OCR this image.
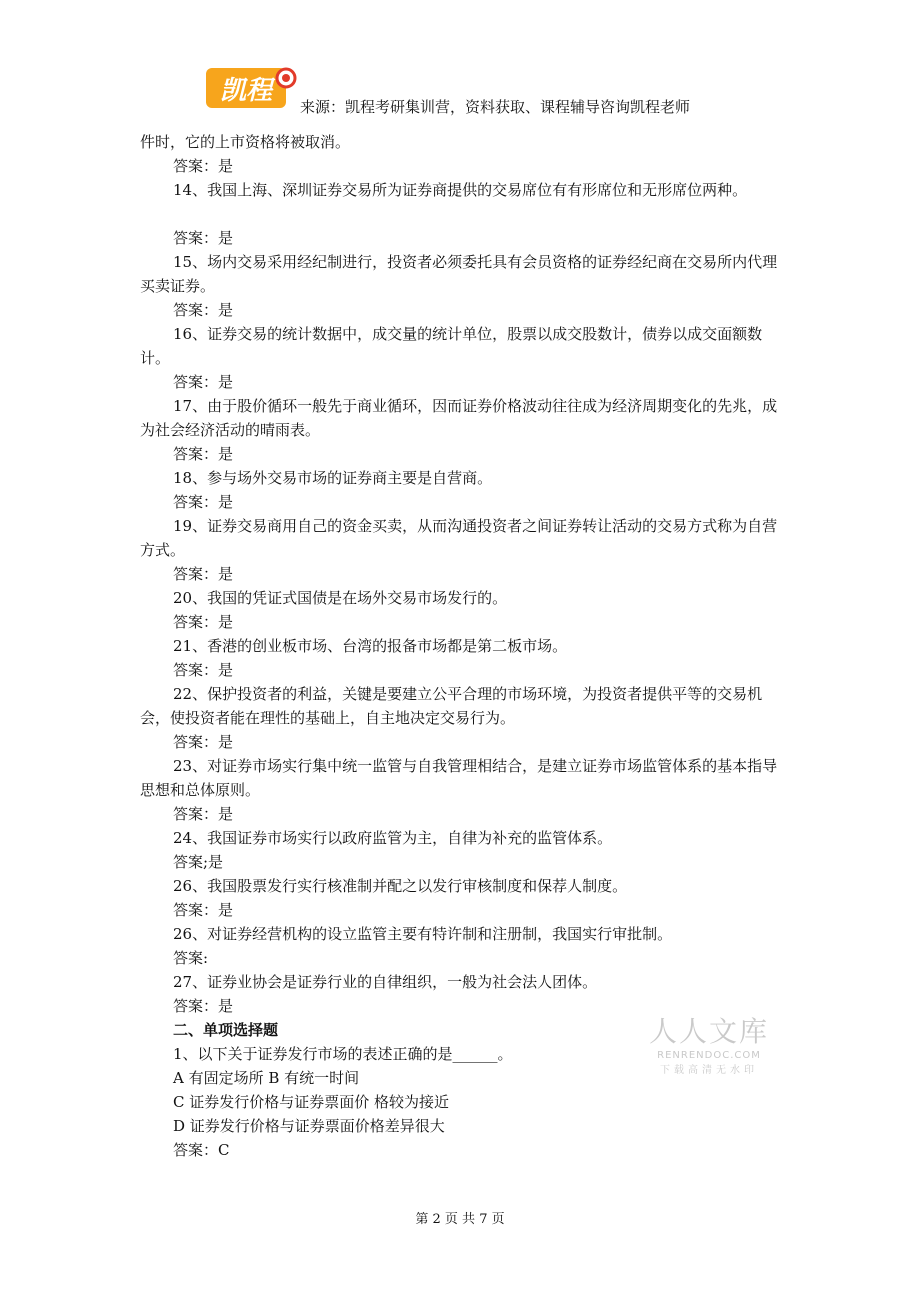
凯程
来源：凯程考研集训营，资料获取、课程辅导咨询凯程老师

件时，它的上市资格将被取消。

答案：是

14、我国上海、深圳证券交易所为证券商提供的交易席位有有形席位和无形席位两种。

答案：是

15、场内交易采用经纪制进行，投资者必须委托具有会员资格的证券经纪商在交易所内代理买卖证券。

答案：是

16、证券交易的统计数据中，成交量的统计单位，股票以成交股数计，债券以成交面额数计。

答案：是

17、由于股价循环一般先于商业循环，因而证券价格波动往往成为经济周期变化的先兆，成为社会经济活动的晴雨表。

答案：是

18、参与场外交易市场的证券商主要是自营商。

答案：是

19、证券交易商用自己的资金买卖，从而沟通投资者之间证券转让活动的交易方式称为自营方式。

答案：是

20、我国的凭证式国债是在场外交易市场发行的。

答案：是

21、香港的创业板市场、台湾的报备市场都是第二板市场。

答案：是

22、保护投资者的利益，关键是要建立公平合理的市场环境，为投资者提供平等的交易机会，使投资者能在理性的基础上，自主地决定交易行为。

答案：是

23、对证券市场实行集中统一监管与自我管理相结合，是建立证券市场监管体系的基本指导思想和总体原则。

答案：是

24、我国证券市场实行以政府监管为主，自律为补充的监管体系。

答案;是

26、我国股票发行实行核准制并配之以发行审核制度和保荐人制度。

答案：是

26、对证券经营机构的设立监管主要有特许制和注册制，我国实行审批制。

答案:

27、证券业协会是证券行业的自律组织，一般为社会法人团体。

答案：是

二、单项选择题

1、以下关于证券发行市场的表述正确的是______。

A 有固定场所 B 有统一时间

C 证券发行价格与证券票面价 格较为接近

D 证券发行价格与证券票面价格差异很大

答案：C

人人文库
RENRENDOC.COM
下载高清无水印
第 2 页 共 7 页
